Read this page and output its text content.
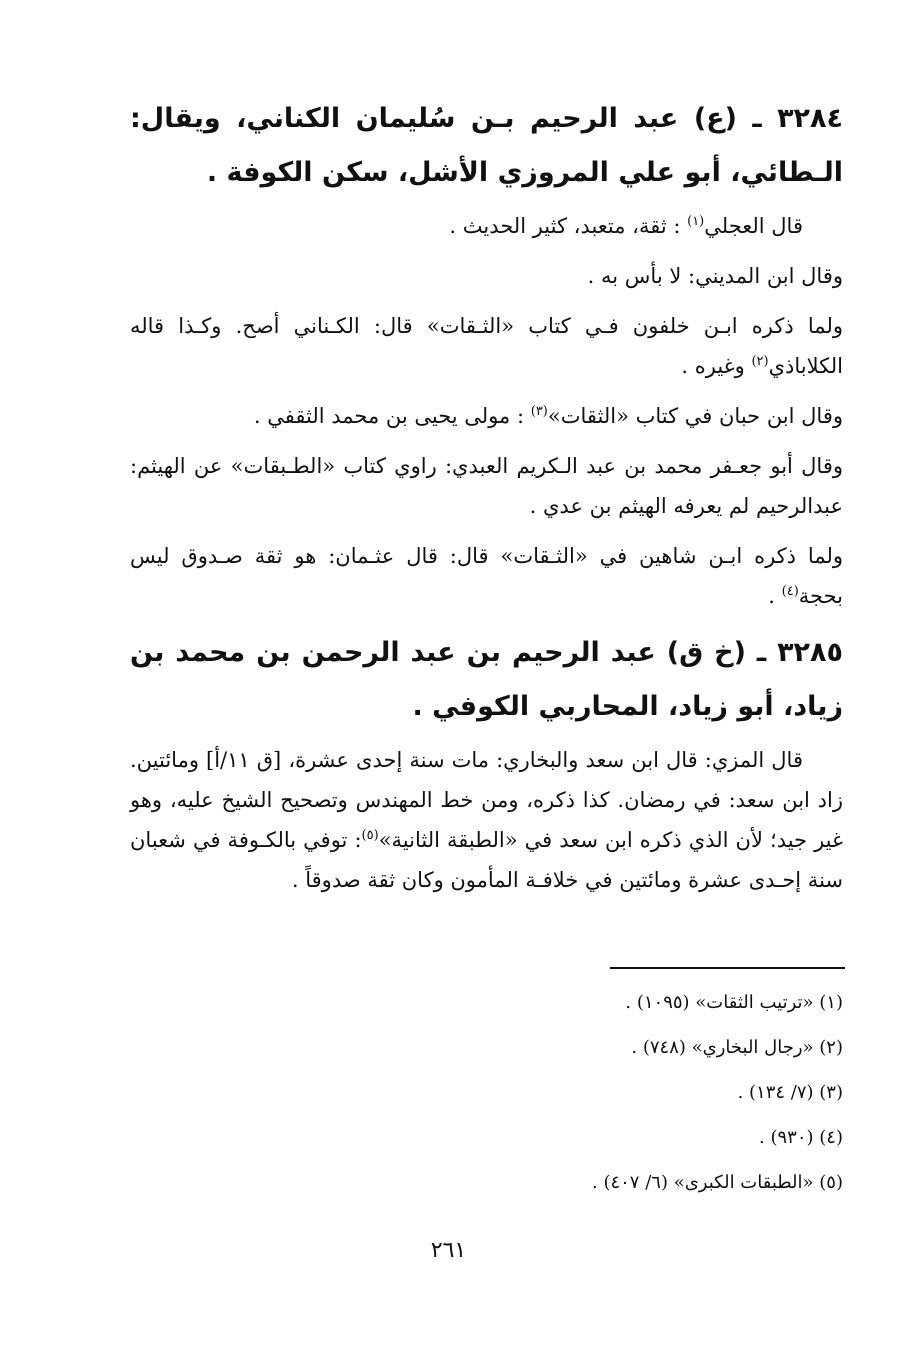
٣٢٨٤ ـ (ع) عبد الرحيم بـن سُليمان الكناني، ويقال: الـطائي، أبو علي المروزي الأشل، سكن الكوفة .

قال العجلي$^{(١)}$ : ثقة، متعبد، كثير الحديث .

وقال ابن المديني: لا بأس به .

ولما ذكره ابـن خلفون فـي كتاب «الثـقات» قال: الكـناني أصح. وكـذا قاله الكلاباذي$^{(٢)}$ وغيره .

وقال ابن حبان في كتاب «الثقات»$^{(٣)}$ : مولى يحيى بن محمد الثقفي .

وقال أبو جعـفر محمد بن عبد الـكريم العبدي: راوي كتاب «الطـبقات» عن الهيثم: عبدالرحيم لم يعرفه الهيثم بن عدي .

ولما ذكره ابـن شاهين في «الثـقات» قال: قال عثـمان: هو ثقة صـدوق ليس بحجة$^{(٤)}$ .

٣٢٨٥ ـ (خ ق) عبد الرحيم بن عبد الرحمن بن محمد بن زياد، أبو زياد، المحاربي الكوفي .

قال المزي: قال ابن سعد والبخاري: مات سنة إحدى عشرة، [ق ١١/أ] ومائتين. زاد ابن سعد: في رمضان. كذا ذكره، ومن خط المهندس وتصحيح الشيخ عليه، وهو غير جيد؛ لأن الذي ذكره ابن سعد في «الطبقة الثانية»$^{(٥)}$: توفي بالكـوفة في شعبان سنة إحـدى عشرة ومائتين في خلافـة المأمون وكان ثقة صدوقاً .

(١) «ترتيب الثقات» (١٠٩٥) .

(٢) «رجال البخاري» (٧٤٨) .

(٣) (٧/ ١٣٤) .

(٤) (٩٣٠) .

(٥) «الطبقات الكبرى» (٦/ ٤٠٧) .

٢٦١
